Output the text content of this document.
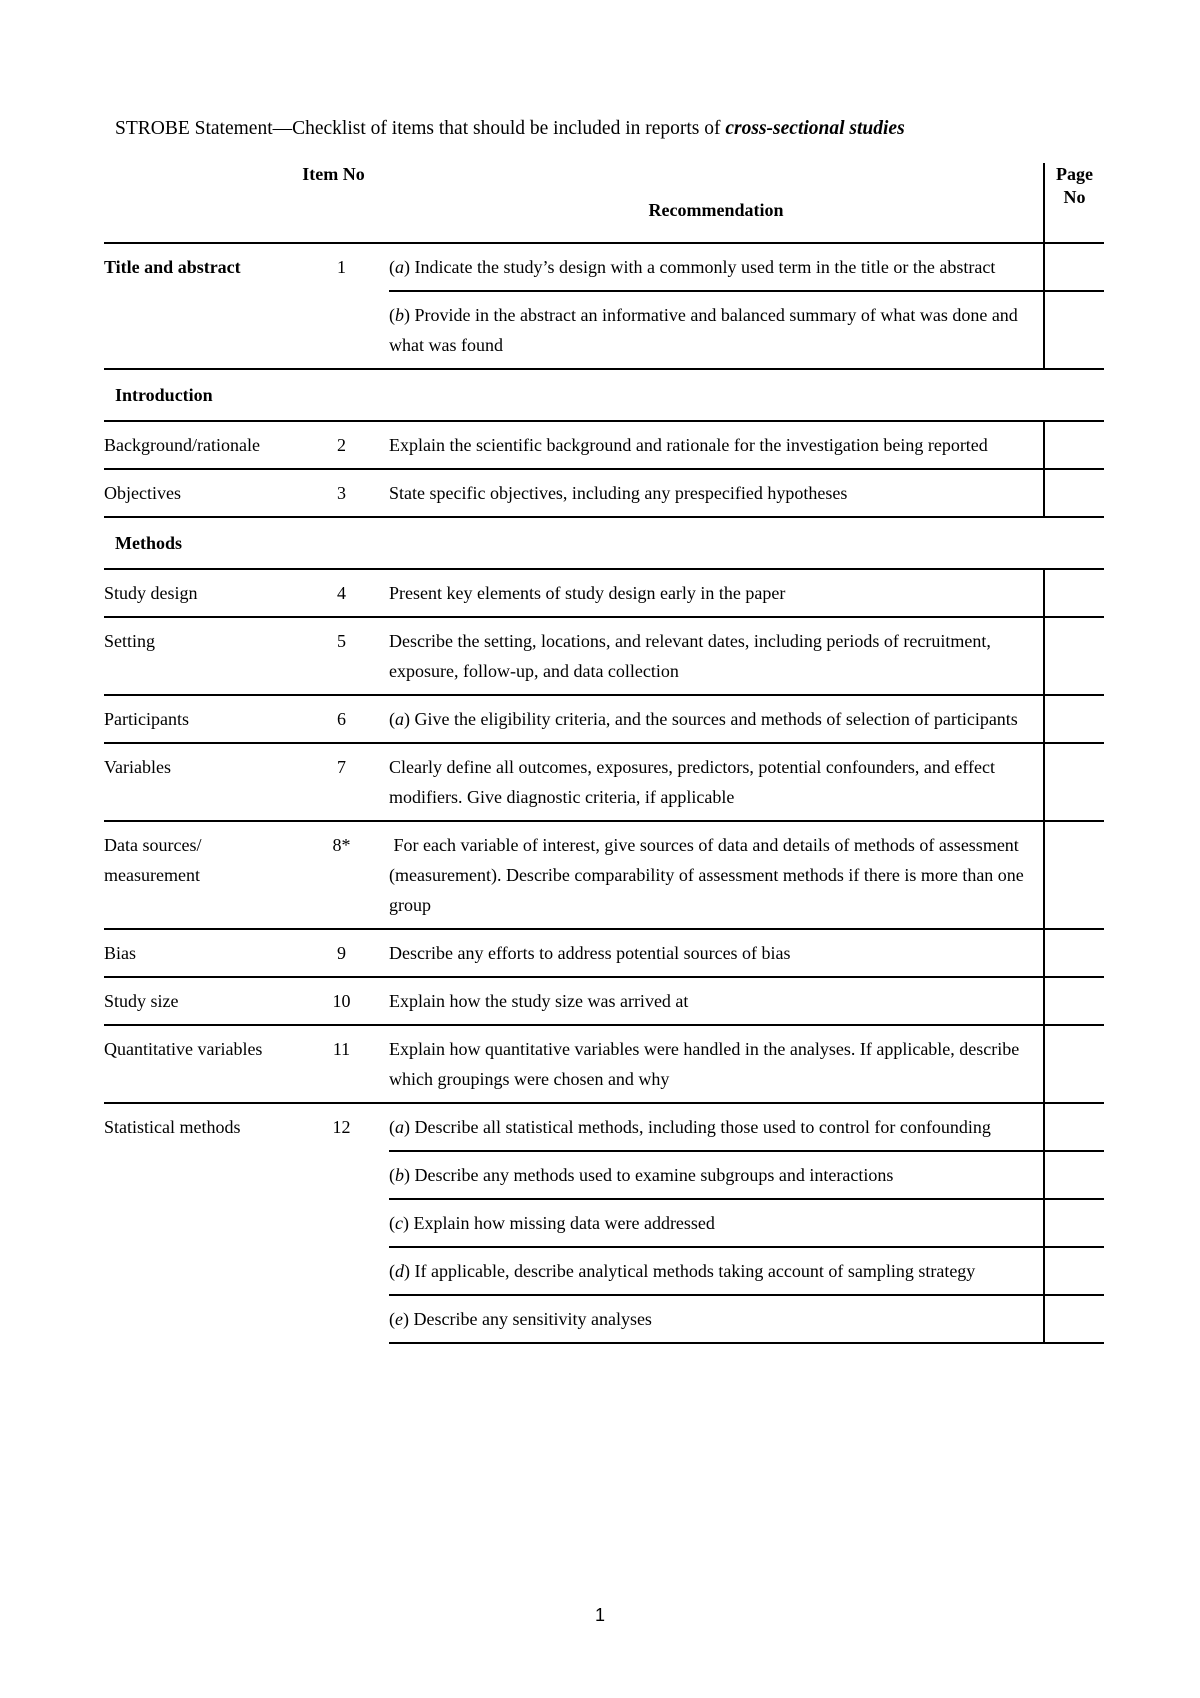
STROBE Statement—Checklist of items that should be included in reports of cross-sectional studies
	Item No	Recommendation	Page No
Title and abstract	1	(a) Indicate the study’s design with a commonly used term in the title or the abstract	
		(b) Provide in the abstract an informative and balanced summary of what was done and what was found	
Introduction			
Background/rationale	2	Explain the scientific background and rationale for the investigation being reported	
Objectives	3	State specific objectives, including any prespecified hypotheses	
Methods			
Study design	4	Present key elements of study design early in the paper	
Setting	5	Describe the setting, locations, and relevant dates, including periods of recruitment, exposure, follow-up, and data collection	
Participants	6	(a) Give the eligibility criteria, and the sources and methods of selection of participants	
Variables	7	Clearly define all outcomes, exposures, predictors, potential confounders, and effect modifiers. Give diagnostic criteria, if applicable	
Data sources/ measurement	8*	For each variable of interest, give sources of data and details of methods of assessment (measurement). Describe comparability of assessment methods if there is more than one group	
Bias	9	Describe any efforts to address potential sources of bias	
Study size	10	Explain how the study size was arrived at	
Quantitative variables	11	Explain how quantitative variables were handled in the analyses. If applicable, describe which groupings were chosen and why	
Statistical methods	12	(a) Describe all statistical methods, including those used to control for confounding	
		(b) Describe any methods used to examine subgroups and interactions	
		(c) Explain how missing data were addressed	
		(d) If applicable, describe analytical methods taking account of sampling strategy	
		(e) Describe any sensitivity analyses	
1
